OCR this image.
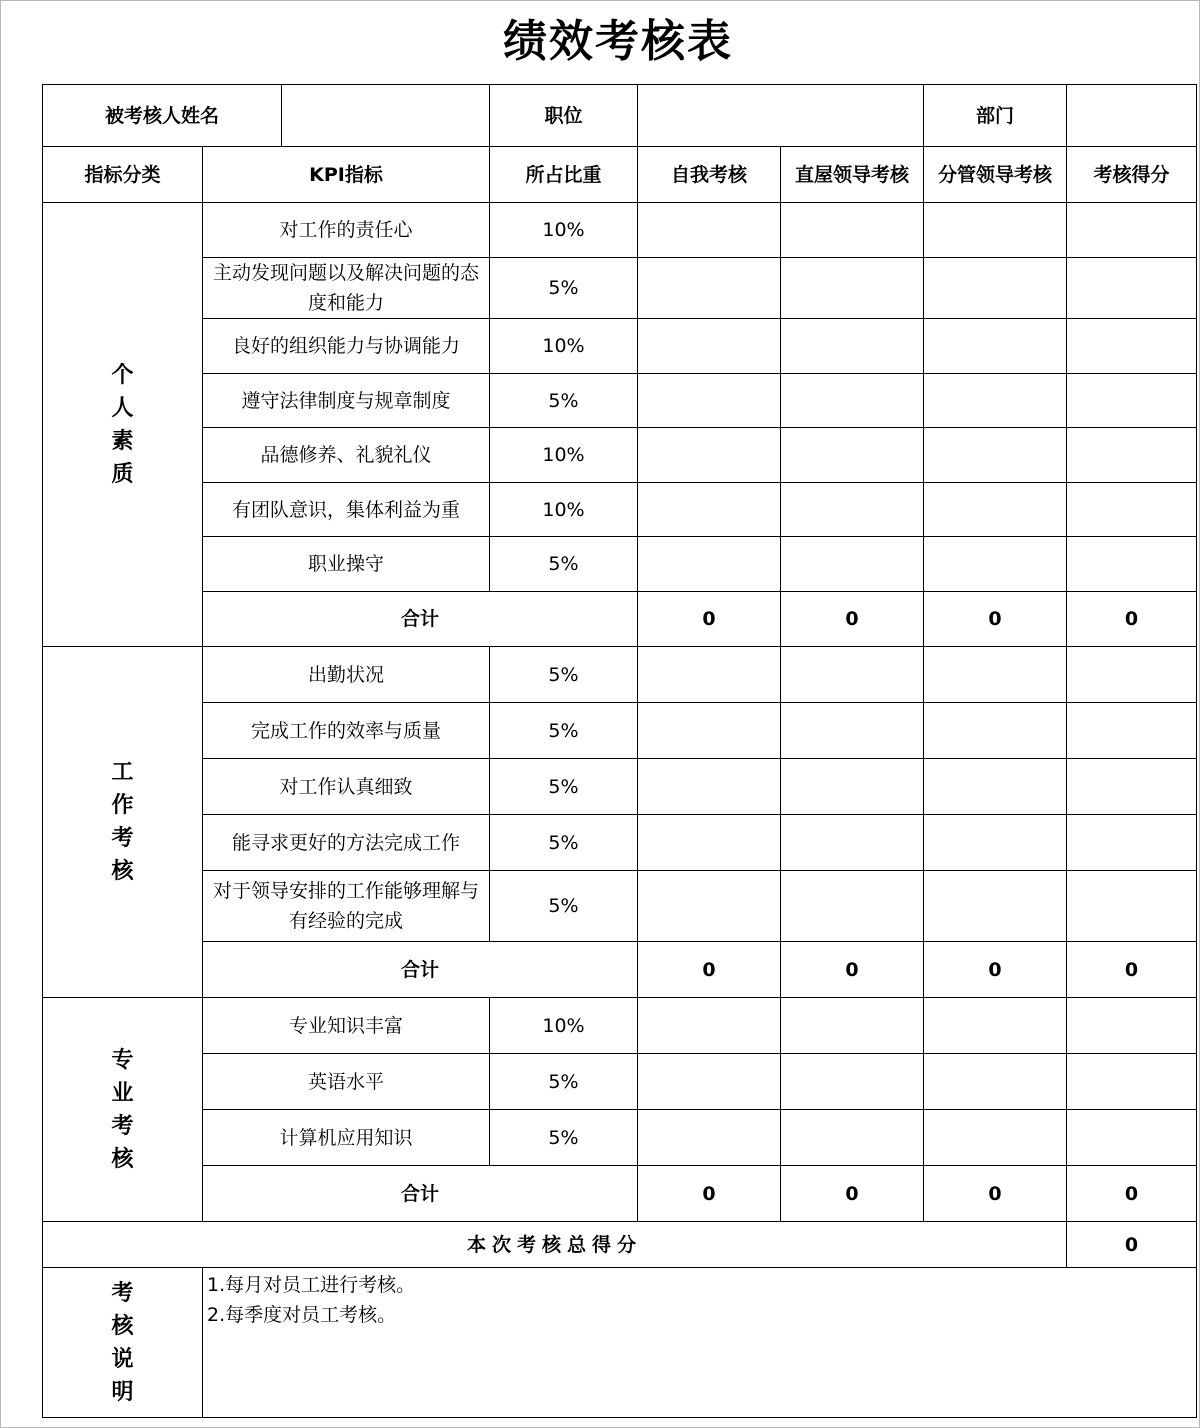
绩效考核表
被考核人姓名			职位			部门	
指标分类	KPI指标		所占比重	自我考核	直屋领导考核	分管领导考核	考核得分
个人素质	对工作的责任心		10%				
	主动发现问题以及解决问题的态度和能力		5%				
	良好的组织能力与协调能力		10%				
	遵守法律制度与规章制度		5%				
	品德修养、礼貌礼仪		10%				
	有团队意识，集体利益为重		10%				
	职业操守		5%				
	合计			0	0	0	0
工作考核	出勤状况		5%				
	完成工作的效率与质量		5%				
	对工作认真细致		5%				
	能寻求更好的方法完成工作		5%				
	对于领导安排的工作能够理解与有经验的完成		5%				
	合计			0	0	0	0
专业考核	专业知识丰富		10%				
	英语水平		5%				
	计算机应用知识		5%				
	合计			0	0	0	0
本次考核总得分							0
考核说明	1.每月对员工进行考核。
2.每季度对员工考核。						
